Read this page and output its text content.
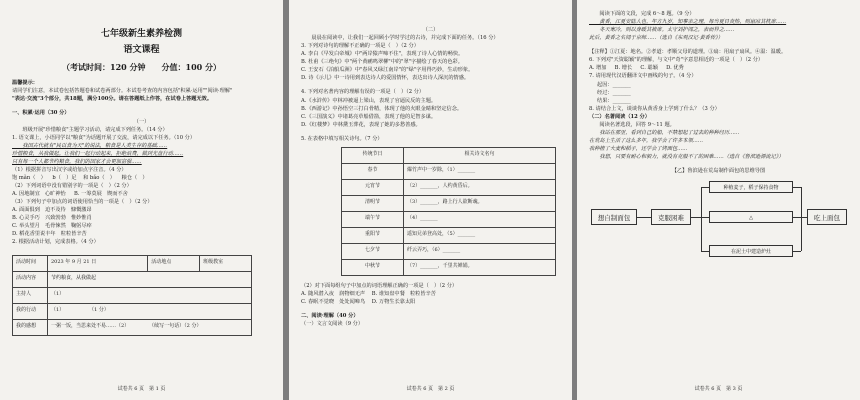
七年级新生素养检测
语文课程
（考试时间：120 分钟　　分值：100 分）
温馨提示：
请同学们注意，本试卷包括答题卷和试卷两部分。本试卷考查的内容包括"积累·运用""阅读·理解"
"表达·交流"3个部分，共18题，满分100分。请在答题纸上作答，在试卷上答题无效。
一、积累·运用（30 分）
（一）
　　班级开展"珍惜粮食"主题学习活动，请完成下列任务。（14 分）
1. 语文课上，小语同学以"粮食"为话题开展了交流，请完成以下任务。（10 分）
　　我国古代就有"民以食为天"的说法，粮食是人类生存的基础……
珍惜粮食，从我做起。让我们一起行动起来，拒绝浪费，做到光盘行动……
只有每一个人都节约粮食，我们的国家才会更加富强……
（1）根据拼音写出汉字或给加点字注音。（4 分）
饱 mǎn（　） b（　）足 和 bǎo（　） 粮仓（　）
（2）下列词语中没有错别字的一项是（　）（2 分）
A. 因地制宜　心旷神怡 B. 一筹莫展　锲而不舍
（3）下列句子中加点的词语使用恰当的一项是（　）（2 分）
A. 面面俱到　迫不及待　慷慨激昂
B. 心灵手巧　兴致勃勃　惟妙惟肖
C. 举头望月　毛骨悚然　鞠躬尽瘁
D. 稻花香里说丰年　粒粒皆辛苦
2. 根据活动计划，完成表格。（4 分）
活动时间	2023 年 9 月 21 日	活动地点	班级教室
活动内容	节约粮食，从我做起		
主持人	（1）		
我的行动	（1）　　　　　　（1 分）		
我的感想	一粥一饭，当思来处不易……（2）　　　　　（续写一句话）（2 分）		
试卷共 6 页　第 1 页
（二）
　　晨晨在阅读中，让我们一起回顾小学时学过的古诗，并完成下面的任务。（16 分）
3. 下列对诗句的理解不正确的一项是（　）（2 分）
A. 李白《早发白帝城》中"两岸猿声啼不住"，表现了诗人心情的畅快。
B. 杜甫《三绝句》中"两个黄鹂鸣翠柳"中的"翠"字描绘了春天的色彩。
C. 王安石《泊船瓜洲》中"春风又绿江南岸"的"绿"字用得巧妙，生动形象。
D. 诗《示儿》中一诗用到表达诗人的爱国情怀，表达出诗人深沉的情感。
4. 下列对名著内容的理解有误的一项是（　）（2 分）
A.《水浒传》中林冲被逼上梁山，表现了官逼民反的主题。
B.《西游记》中孙悟空三打白骨精，体现了他的火眼金睛和坚定信念。
C.《三国演义》中诸葛亮草船借箭，表现了他的足智多谋。
D.《红楼梦》中林黛玉葬花，表现了她的多愁善感。
5. 在表格中填写相关诗句。（7 分）
传统节日	相关诗文名句
春节	爆竹声中一岁除，（1）_______
元宵节	（2）_______，人约黄昏后。
清明节	（3）_______，路上行人欲断魂。
端午节	（4）_______
重阳节	遥知兄弟登高处，（5）_______
七夕节	纤云弄巧，（6）_______
中秋节	（7）_______，千里共婵娟。
（2）对下面每组句子中加点的词语理解正确的一项是（　）（2 分）
A. 随风潜入夜　润物细无声 B. 谁知盘中餐　粒粒皆辛苦
C. 春眠不觉晓　处处闻啼鸟 D. 万物生长靠太阳
二、阅读·理解（40 分）
（一）文言文阅读（9 分）
试卷共 6 页　第 2 页
　　阅读下面的文段，完成 6～8 题。（9 分）
　　黄香，江夏安陆人也。年方九岁，知事亲之理。每当夏日炎热，则扇凉其枕席……
　　冬天寒冷，则以身暖其被席。太守刘护闻之，表而异之……
此后，黄香之名闻于京师……（选自《东观汉记·黄香传》）
【注释】①江夏：地名。②孝道：孝顺父母的道理。③扇：用扇子扇风。④温：温暖。
6. 下列对"天资聪颖"的理解，与文中"奇"字意思相近的一项是（　）（2 分）
A. 增加 B. 增长 C. 聪颖 D. 优秀
7. 请用现代汉语翻译文中画线的句子。（4 分）
起因：_______
经过：_______
结果：_______
8. 请结合上文，谈谈你从黄香身上学到了什么？（3 分）
（二）名著阅读（12 分）
　　阅读名著选段，回答 9～11 题。
　　我站在那里，看到自己的船，不禁想起了过去的种种经历……
在荒岛上生活了这么多年，我学会了许多本领……
我种植了大麦和稻子，还学会了烤面包……
　　我想，只要有耐心和毅力，就没有克服不了的困难……（选自《鲁滨逊漂流记》）
【乙】鲁滨逊在荒岛制作面包的思维导图
想自制面包	克服困难
种植麦子，稻子保持食物
△
在泥土中建造炉灶
吃上面包
试卷共 6 页　第 3 页
